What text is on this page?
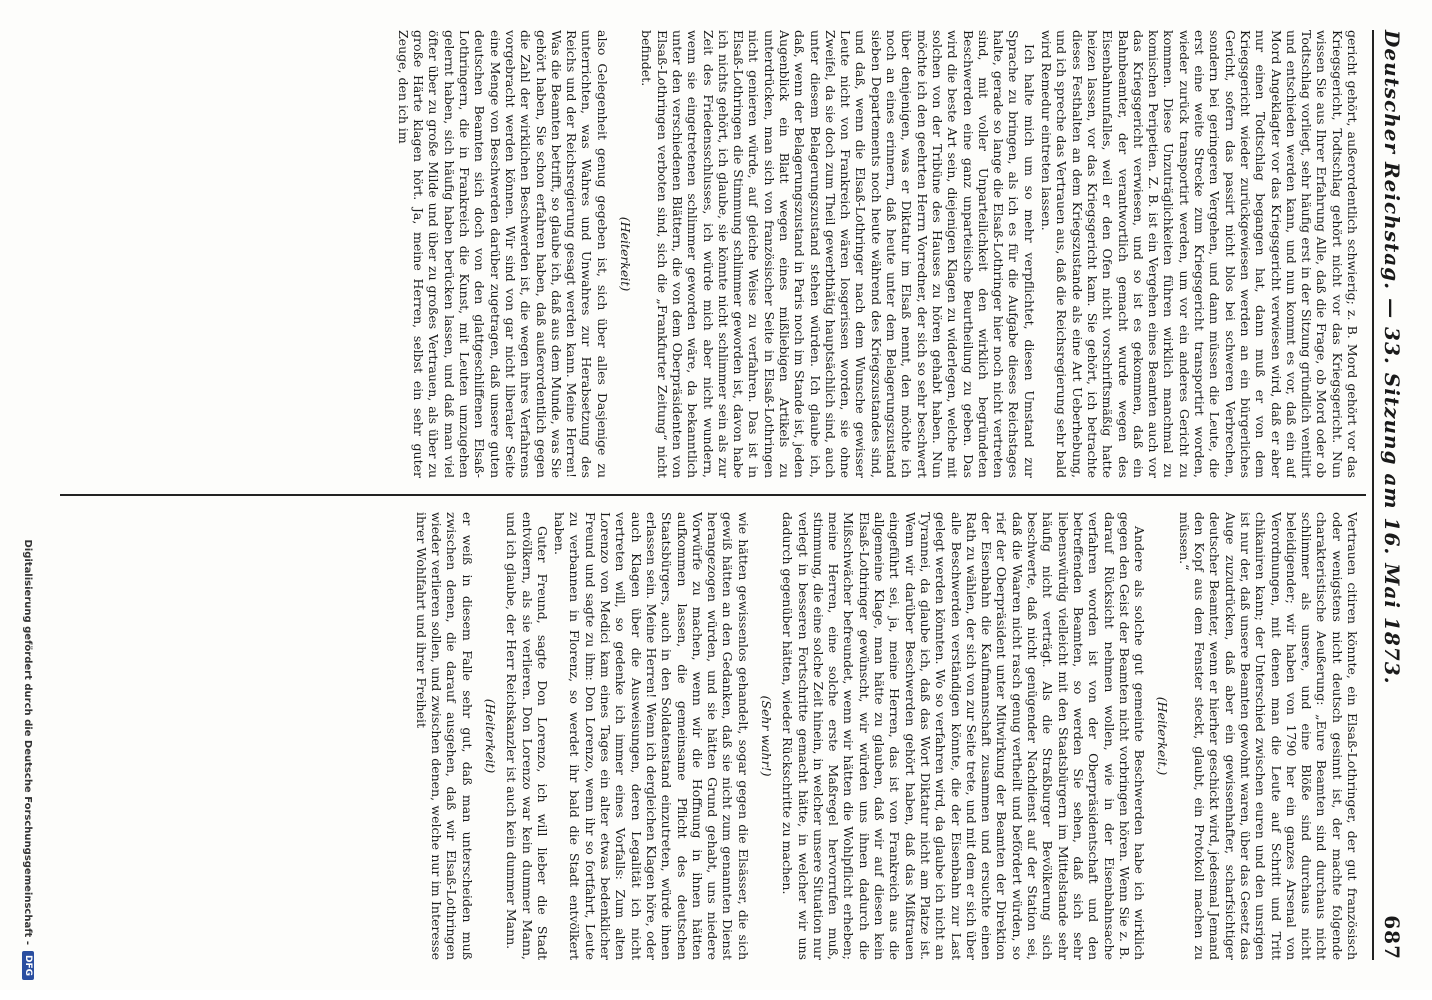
Deutscher Reichstag. — 33. Sitzung am 16. Mai 1873.
687

gericht gehört, außerordentlich schwierig; z. B. Mord gehört vor das Kriegsgericht, Todtschlag gehört nicht vor das Kriegsgericht. Nun wissen Sie aus Ihrer Erfahrung Alle, daß die Frage, ob Mord oder ob Todtschlag vorliegt, sehr häufig erst in der Sitzung gründlich ventilirt und entschieden werden kann, und nun kommt es vor, daß ein auf Mord Angeklagter vor das Kriegsgericht verwiesen wird, daß er aber nur einen Todtschlag begangen hat, dann muß er von dem Kriegsgericht wieder zurückgewiesen werden an ein bürgerliches Gericht, sofern das passirt nicht blos bei schweren Verbrechen, sondern bei geringeren Vergehen, und dann müssen die Leute, die erst eine weite Strecke zum Kriegsgericht transportirt worden, wieder zurück transportirt werden, um vor ein anderes Gericht zu kommen. Diese Unzuträglichkeiten führen wirklich manchmal zu komischen Peripetien. Z. B. ist ein Vergehen eines Beamten auch vor das Kriegsgericht verwiesen, und so ist es gekommen, daß ein Bahnbeamter, der verantwortlich gemacht wurde wegen des Eisenbahnunfalles, weil er den Ofen nicht vorschriftsmäßig hatte heizen lassen, vor das Kriegsgericht kam. Sie gehört, ich betrachte dieses Festhalten an dem Kriegszustande als eine Art Ueberhebung, und ich spreche das Vertrauen aus, daß die Reichsregierung sehr bald wird Remedur eintreten lassen.

Ich halte mich um so mehr verpflichtet, diesen Umstand zur Sprache zu bringen, als ich es für die Aufgabe dieses Reichstages halte, gerade so lange die Elsaß-Lothringer hier noch nicht vertreten sind, mit voller Unparteilichkeit den wirklich begründeten Beschwerden eine ganz unparteiische Beurtheilung zu geben. Das wird die beste Art sein, diejenigen Klagen zu widerlegen, welche mit solchen von der Tribüne des Hauses zu hören gehabt haben. Nun möchte ich den geehrten Herrn Vorredner, der sich so sehr beschwert über denjenigen, was er Diktatur im Elsaß nennt, den möchte ich noch an eines erinnern, daß heute unter dem Belagerungszustand sieben Departements noch heute während des Kriegszustandes sind, und daß, wenn die Elsaß-Lothringer nach dem Wunsche gewisser Leute nicht von Frankreich wären losgerissen worden, sie ohne Zweifel, da sie doch zum Theil gewerbthätig hauptsächlich sind, auch unter diesem Belagerungszustand stehen würden. Ich glaube ich, daß, wenn der Belagerungszustand in Paris noch im Stande ist, jeden Augenblick ein Blatt wegen eines mißliebigen Artikels zu unterdrücken, man sich von französischer Seite in Elsaß-Lothringen nicht genieren würde, auf gleiche Weise zu verfahren. Das ist in Elsaß-Lothringen die Stimmung schlimmer geworden ist, davon habe ich nichts gehört, ich glaube, sie könnte nicht schlimmer sein als zur Zeit des Friedensschlusses, ich würde mich aber nicht wundern, wenn sie eingetretenen schlimmer geworden wäre, da bekanntlich unter den verschiedenen Blättern, die von dem Oberpräsidenten von Elsaß-Lothringen verboten sind, sich die „Frankfurter Zeitung“ nicht befindet.

(Heiterkeit)

also Gelegenheit genug gegeben ist, sich über alles Dasjenige zu unterrichten, was Wahres und Unwahres zur Herabsetzung des Reichs und der Reichsregierung gesagt werden kann. Meine Herren! Was die Beamten betrifft, so glaube ich, daß aus dem Munde, was Sie gehört haben, Sie schon erfahren haben, daß außerordentlich gegen die Zahl der wirklichen Beschwerden ist, die wegen ihres Verfahrens vorgebracht werden können. Wir sind von gar nicht liberaler Seite eine Menge von Beschwerden darüber zugetragen, daß unsere guten deutschen Beamten sich doch von den glattgeschliffenen Elsaß-Lothringern, die in Frankreich die Kunst, mit Leuten umzugehen gelernt haben, sich häufig haben berücken lassen, und daß man viel öfter über zu große Milde und über zu großes Vertrauen, als über zu große Härte klagen hört. Ja, meine Herren, selbst ein sehr guter Zeuge, den ich im

Vertrauen citiren könnte, ein Elsaß-Lothringer, der gut französisch oder wenigstens nicht deutsch gesinnt ist, der machte folgende charakteristische Aeußerung: „Eure Beamten sind durchaus nicht schlimmer als unsere, und eine Blöße sind durchaus nicht beleidigender; wir haben von 1790 her ein ganzes Arsenal von Verordnungen, mit denen man die Leute auf Schritt und Tritt chikaniren kann; der Unterschied zwischen euren und den unsrigen ist nur der, daß unsere Beamten gewohnt waren, über das Gesetz das Auge zuzudrücken, daß aber ein gewissenhafter, scharfsichtiger deutscher Beamter, wenn er hierher geschickt wird, jedesmal Jemand den Kopf aus dem Fenster steckt, glaubt, ein Protokoll machen zu müssen.“

(Heiterkeit.)

Andere als solche gut gemeinte Beschwerden habe ich wirklich gegen den Geist der Beamten nicht vorbringen hören. Wenn Sie z. B. darauf Rücksicht nehmen wollen, wie in der Eisenbahnsache verfahren worden ist von der Oberpräsidentschaft und den betreffenden Beamten, so werden Sie sehen, daß sich sehr liebenswürdig vielleicht mit den Staatsbürgern im Mittelstande sehr häufig nicht verträgt. Als die Straßburger Bevölkerung sich beschwerte, daß nicht genügender Nachdienst auf der Station sei, daß die Waaren nicht rasch genug vertheilt und befördert würden, so rief der Oberpräsident unter Mitwirkung der Beamten der Direktion der Eisenbahn die Kaufmannschaft zusammen und ersuchte einen Rath zu wählen, der sich von zur Seite trete, und mit dem er sich über alle Beschwerden verständigen könnte, die der Eisenbahn zur Last gelegt werden könnten. Wo so verfahren wird, da glaube ich nicht an Tyrannei, da glaube ich, daß das Wort Diktatur nicht am Platze ist. Wenn wir darüber Beschwerden gehört haben, daß das Mißtrauen eingeführt sei, ja, meine Herren, das ist von Frankreich aus die allgemeine Klage, man hätte zu glauben, daß wir auf diesen kein Elsaß-Lothringer gewünscht, wir würden uns ihnen dadurch die Mißschwächer befreundet, wenn wir hätten die Wohlpflicht erheben; meine Herren, eine solche erste Maßregel hervorrufen muß, stimmung, die eine solche Zeit hinein, in welcher unsere Situation nur verlegt in besseren Fortschritte gemacht hätte, in welcher wir uns dadurch gegenüber hätten, wieder Rückschritte zu machen.

(Sehr wahr!)

wie hätten gewissenlos gehandelt, sogar gegen die Elsässer, die sich gewiß hätten an den Gedanken, daß sie nicht zum genannten Dienst herangezogen würden, und sie hätten Grund gehabt, uns niedere Vorwürfe zu machen, wenn wir die Hoffnung in ihnen hätten aufkommen lassen, die gemeinsame Pflicht des deutschen Staatsbürgers, auch in den Soldatenstand einzutreten, würde ihnen erlassen sein. Meine Herren! Wenn ich dergleichen Klagen höre, oder auch Klagen über die Ausweisungen, deren Legalität ich nicht vertreten will, so gedenke ich immer eines Vorfalls: Zum alten Lorenzo von Medici kam eines Tages ein alter etwas bedenklicher Freund und sagte zu ihm: Don Lorenzo, wenn ihr so fortfahrt, Leute zu verbannen in Florenz, so werdet ihr bald die Stadt entvölkert haben.

Guter Freund, sagte Don Lorenzo, ich will lieber die Stadt entvölkern, als sie verlieren. Don Lorenzo war kein dummer Mann, und ich glaube, der Herr Reichskanzler ist auch kein dummer Mann.

(Heiterkeit)

er weiß in diesem Falle sehr gut, daß man unterscheiden muß zwischen denen, die darauf ausgehen, daß wir Elsaß-Lothringen wieder verlieren sollen, und zwischen denen, welche nur im Interesse ihrer Wohlfahrt und ihrer Freiheit

Digitalisierung gefördert durch die Deutsche Forschungsgemeinschaft -
DFG
